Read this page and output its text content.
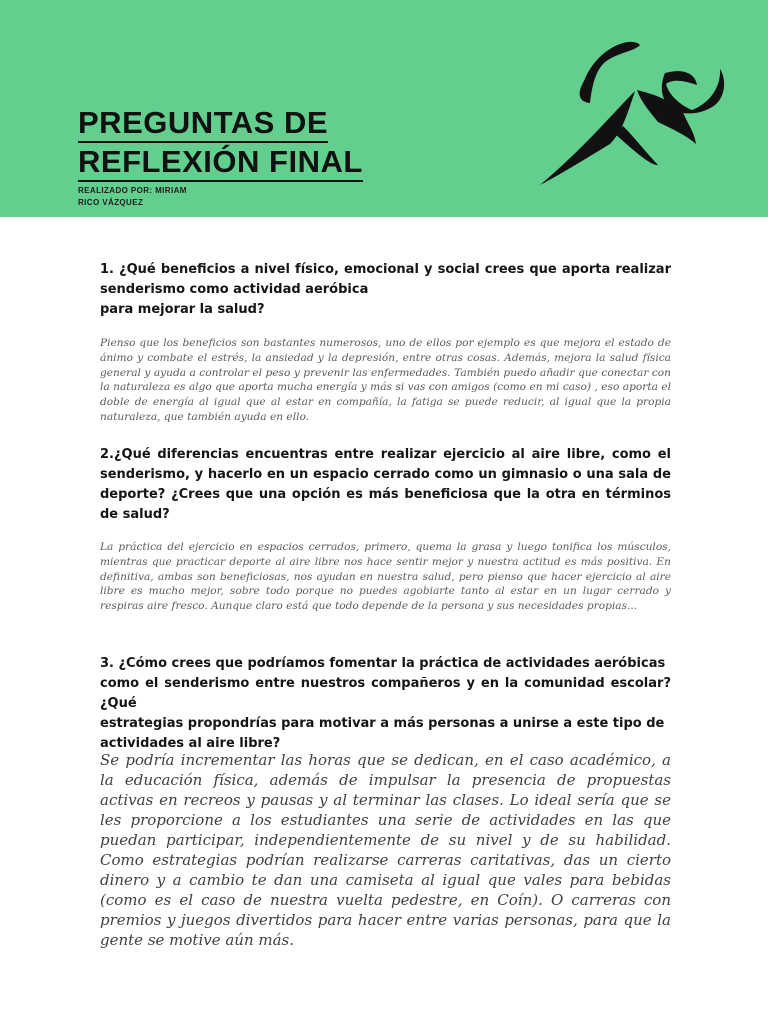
PREGUNTAS DE
REFLEXIÓN FINAL

REALIZADO POR: MIRIAM
RICO VÁZQUEZ

1. ¿Qué beneficios a nivel físico, emocional y social crees que aporta realizar senderismo como actividad aeróbica
para mejorar la salud?

Pienso que los beneficios son bastantes numerosos, uno de ellos por ejemplo es que mejora el estado de ánimo y combate el estrés, la ansiedad y la depresión, entre otras cosas. Además, mejora la salud física general y ayuda a controlar el peso y prevenir las enfermedades. También puedo añadir que conectar con la naturaleza es algo que aporta mucha energía y más si vas con amigos (como en mi caso) , eso aporta el doble de energía al igual que al estar en compañía, la fatiga se puede reducir, al igual que la propia naturaleza, que también ayuda en ello.

2.¿Qué diferencias encuentras entre realizar ejercicio al aire libre, como el senderismo, y hacerlo en un espacio cerrado como un gimnasio o una sala de deporte? ¿Crees que una opción es más beneficiosa que la otra en términos de salud?

La práctica del ejercicio en espacios cerrados, primero, quema la grasa y luego tonifica los músculos, mientras que practicar deporte al aire libre nos hace sentir mejor y nuestra actitud es más positiva. En definitiva, ambas son beneficiosas, nos ayudan en nuestra salud, pero pienso que hacer ejercicio al aire libre es mucho mejor, sobre todo porque no puedes agobiarte tanto al estar en un lugar cerrado y respiras aire fresco. Aunque claro está que todo depende de la persona y sus necesidades propias...

3. ¿Cómo crees que podríamos fomentar la práctica de actividades aeróbicas
como el senderismo entre nuestros compañeros y en la comunidad escolar? ¿Qué
estrategias propondrías para motivar a más personas a unirse a este tipo de
actividades al aire libre?

Se podría incrementar las horas que se dedican, en el caso académico, a la educación física, además de impulsar la presencia de propuestas activas en recreos y pausas y al terminar las clases. Lo ideal sería que se les proporcione a los estudiantes una serie de actividades en las que puedan participar, independientemente de su nivel y de su habilidad. Como estrategias podrían realizarse carreras caritativas, das un cierto dinero y a cambio te dan una camiseta al igual que vales para bebidas (como es el caso de nuestra vuelta pedestre, en Coín). O carreras con premios y juegos divertidos para hacer entre varias personas, para que la gente se motive aún más.
